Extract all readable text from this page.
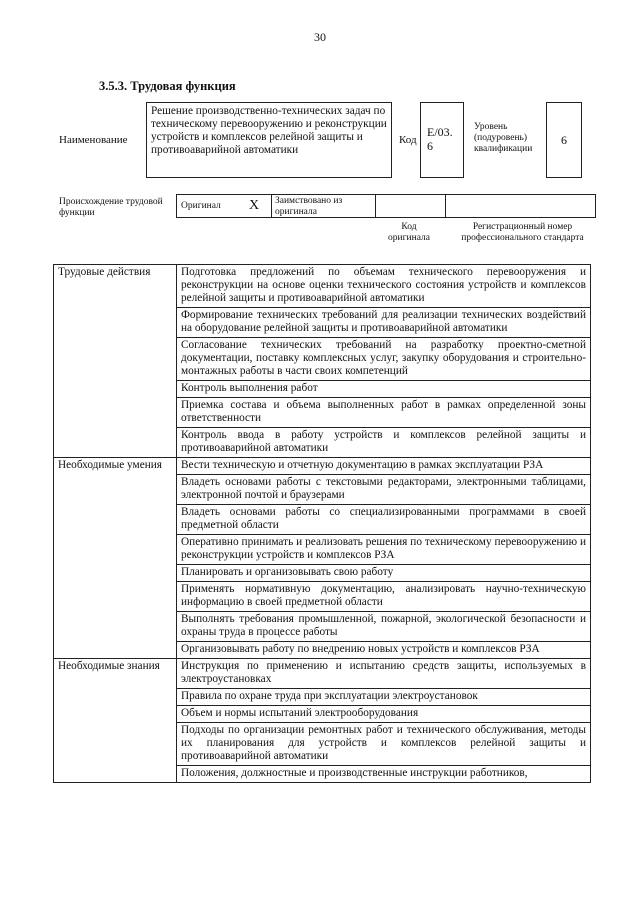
30
3.5.3. Трудовая функция
Наименование
Решение производственно-технических задач по техническому перевооружению и реконструкции устройств и комплексов релейной защиты и противоаварийной автоматики
Код
E/03.
6
Уровень (подуровень) квалификации
6
Происхождение трудовой функции
Оригинал X Заимствовано из оригинала
Код оригинала
Регистрационный номер профессионального стандарта
Трудовые действия	Подготовка предложений по объемам технического перевооружения и реконструкции на основе оценки технического состояния устройств и комплексов релейной защиты и противоаварийной автоматики
	Формирование технических требований для реализации технических воздействий на оборудование релейной защиты и противоаварийной автоматики
	Согласование технических требований на разработку проектно-сметной документации, поставку комплексных услуг, закупку оборудования и строительно-монтажных работы в части своих компетенций
	Контроль выполнения работ
	Приемка состава и объема выполненных работ в рамках определенной зоны ответственности
	Контроль ввода в работу устройств и комплексов релейной защиты и противоаварийной автоматики
Необходимые умения	Вести техническую и отчетную документацию в рамках эксплуатации РЗА
	Владеть основами работы с текстовыми редакторами, электронными таблицами, электронной почтой и браузерами
	Владеть основами работы со специализированными программами в своей предметной области
	Оперативно принимать и реализовать решения по техническому перевооружению и реконструкции устройств и комплексов РЗА
	Планировать и организовывать свою работу
	Применять нормативную документацию, анализировать научно-техническую информацию в своей предметной области
	Выполнять требования промышленной, пожарной, экологической безопасности и охраны труда в процессе работы
	Организовывать работу по внедрению новых устройств и комплексов РЗА
Необходимые знания	Инструкция по применению и испытанию средств защиты, используемых в электроустановках
	Правила по охране труда при эксплуатации электроустановок
	Объем и нормы испытаний электрооборудования
	Подходы по организации ремонтных работ и технического обслуживания, методы их планирования для устройств и комплексов релейной защиты и противоаварийной автоматики
	Положения, должностные и производственные инструкции работников,
